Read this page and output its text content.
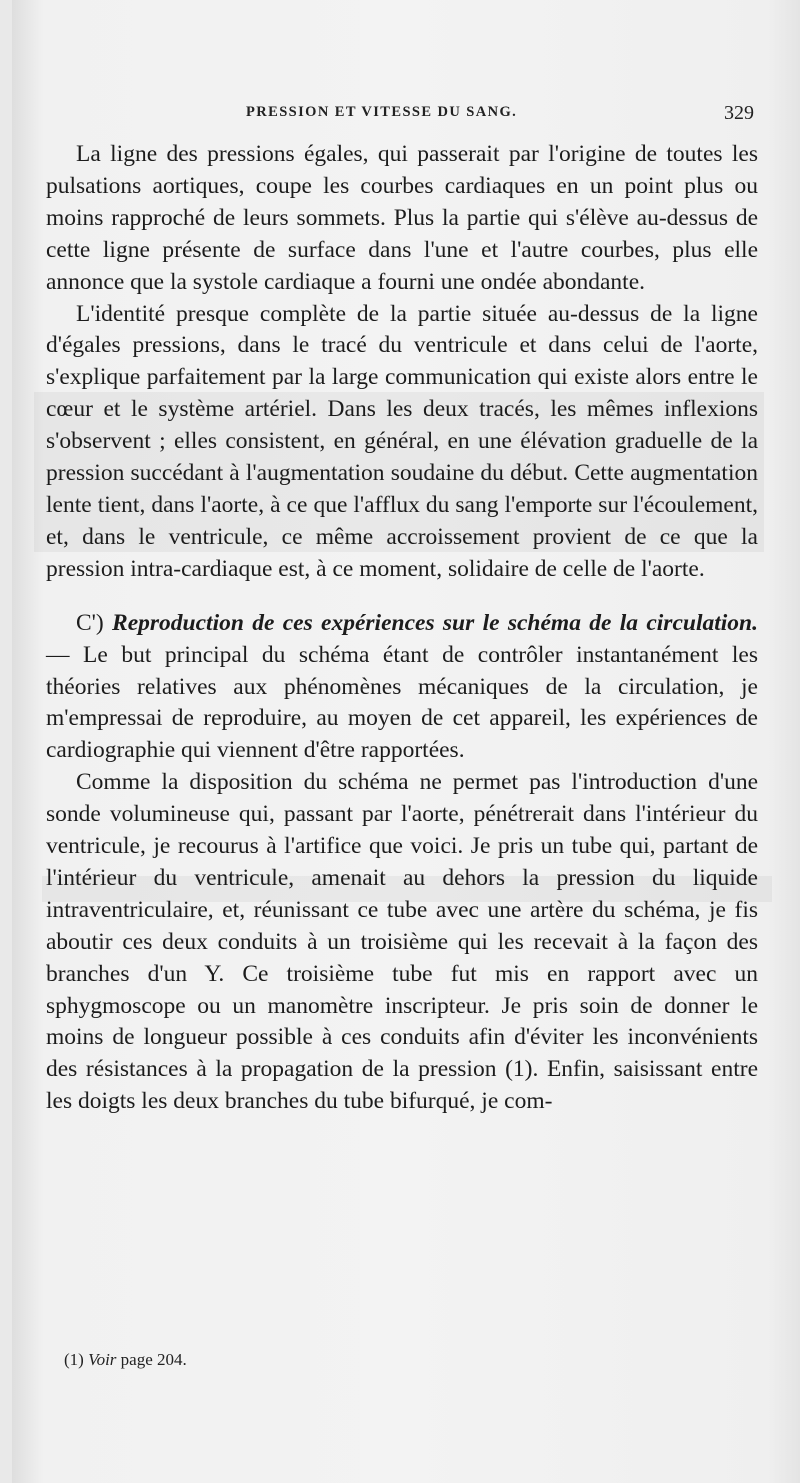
PRESSION ET VITESSE DU SANG.	329

La ligne des pressions égales, qui passerait par l'origine de toutes les pulsations aortiques, coupe les courbes cardiaques en un point plus ou moins rapproché de leurs sommets. Plus la partie qui s'élève au-dessus de cette ligne présente de surface dans l'une et l'autre courbes, plus elle annonce que la systole cardiaque a fourni une ondée abondante.

L'identité presque complète de la partie située au-dessus de la ligne d'égales pressions, dans le tracé du ventricule et dans celui de l'aorte, s'explique parfaitement par la large communication qui existe alors entre le cœur et le système artériel. Dans les deux tracés, les mêmes inflexions s'observent ; elles consistent, en général, en une élévation graduelle de la pression succédant à l'augmentation soudaine du début. Cette augmentation lente tient, dans l'aorte, à ce que l'afflux du sang l'emporte sur l'écoulement, et, dans le ventricule, ce même accroissement provient de ce que la pression intra-cardiaque est, à ce moment, solidaire de celle de l'aorte.

C') Reproduction de ces expériences sur le schéma de la circulation. — Le but principal du schéma étant de contrôler instantanément les théories relatives aux phénomènes mécaniques de la circulation, je m'empressai de reproduire, au moyen de cet appareil, les expériences de cardiographie qui viennent d'être rapportées.

Comme la disposition du schéma ne permet pas l'introduction d'une sonde volumineuse qui, passant par l'aorte, pénétrerait dans l'intérieur du ventricule, je recourus à l'artifice que voici. Je pris un tube qui, partant de l'intérieur du ventricule, amenait au dehors la pression du liquide intraventriculaire, et, réunissant ce tube avec une artère du schéma, je fis aboutir ces deux conduits à un troisième qui les recevait à la façon des branches d'un Y. Ce troisième tube fut mis en rapport avec un sphygmoscope ou un manomètre inscripteur. Je pris soin de donner le moins de longueur possible à ces conduits afin d'éviter les inconvénients des résistances à la propagation de la pression (1). Enfin, saisissant entre les doigts les deux branches du tube bifurqué, je com-

(1) Voir page 204.
